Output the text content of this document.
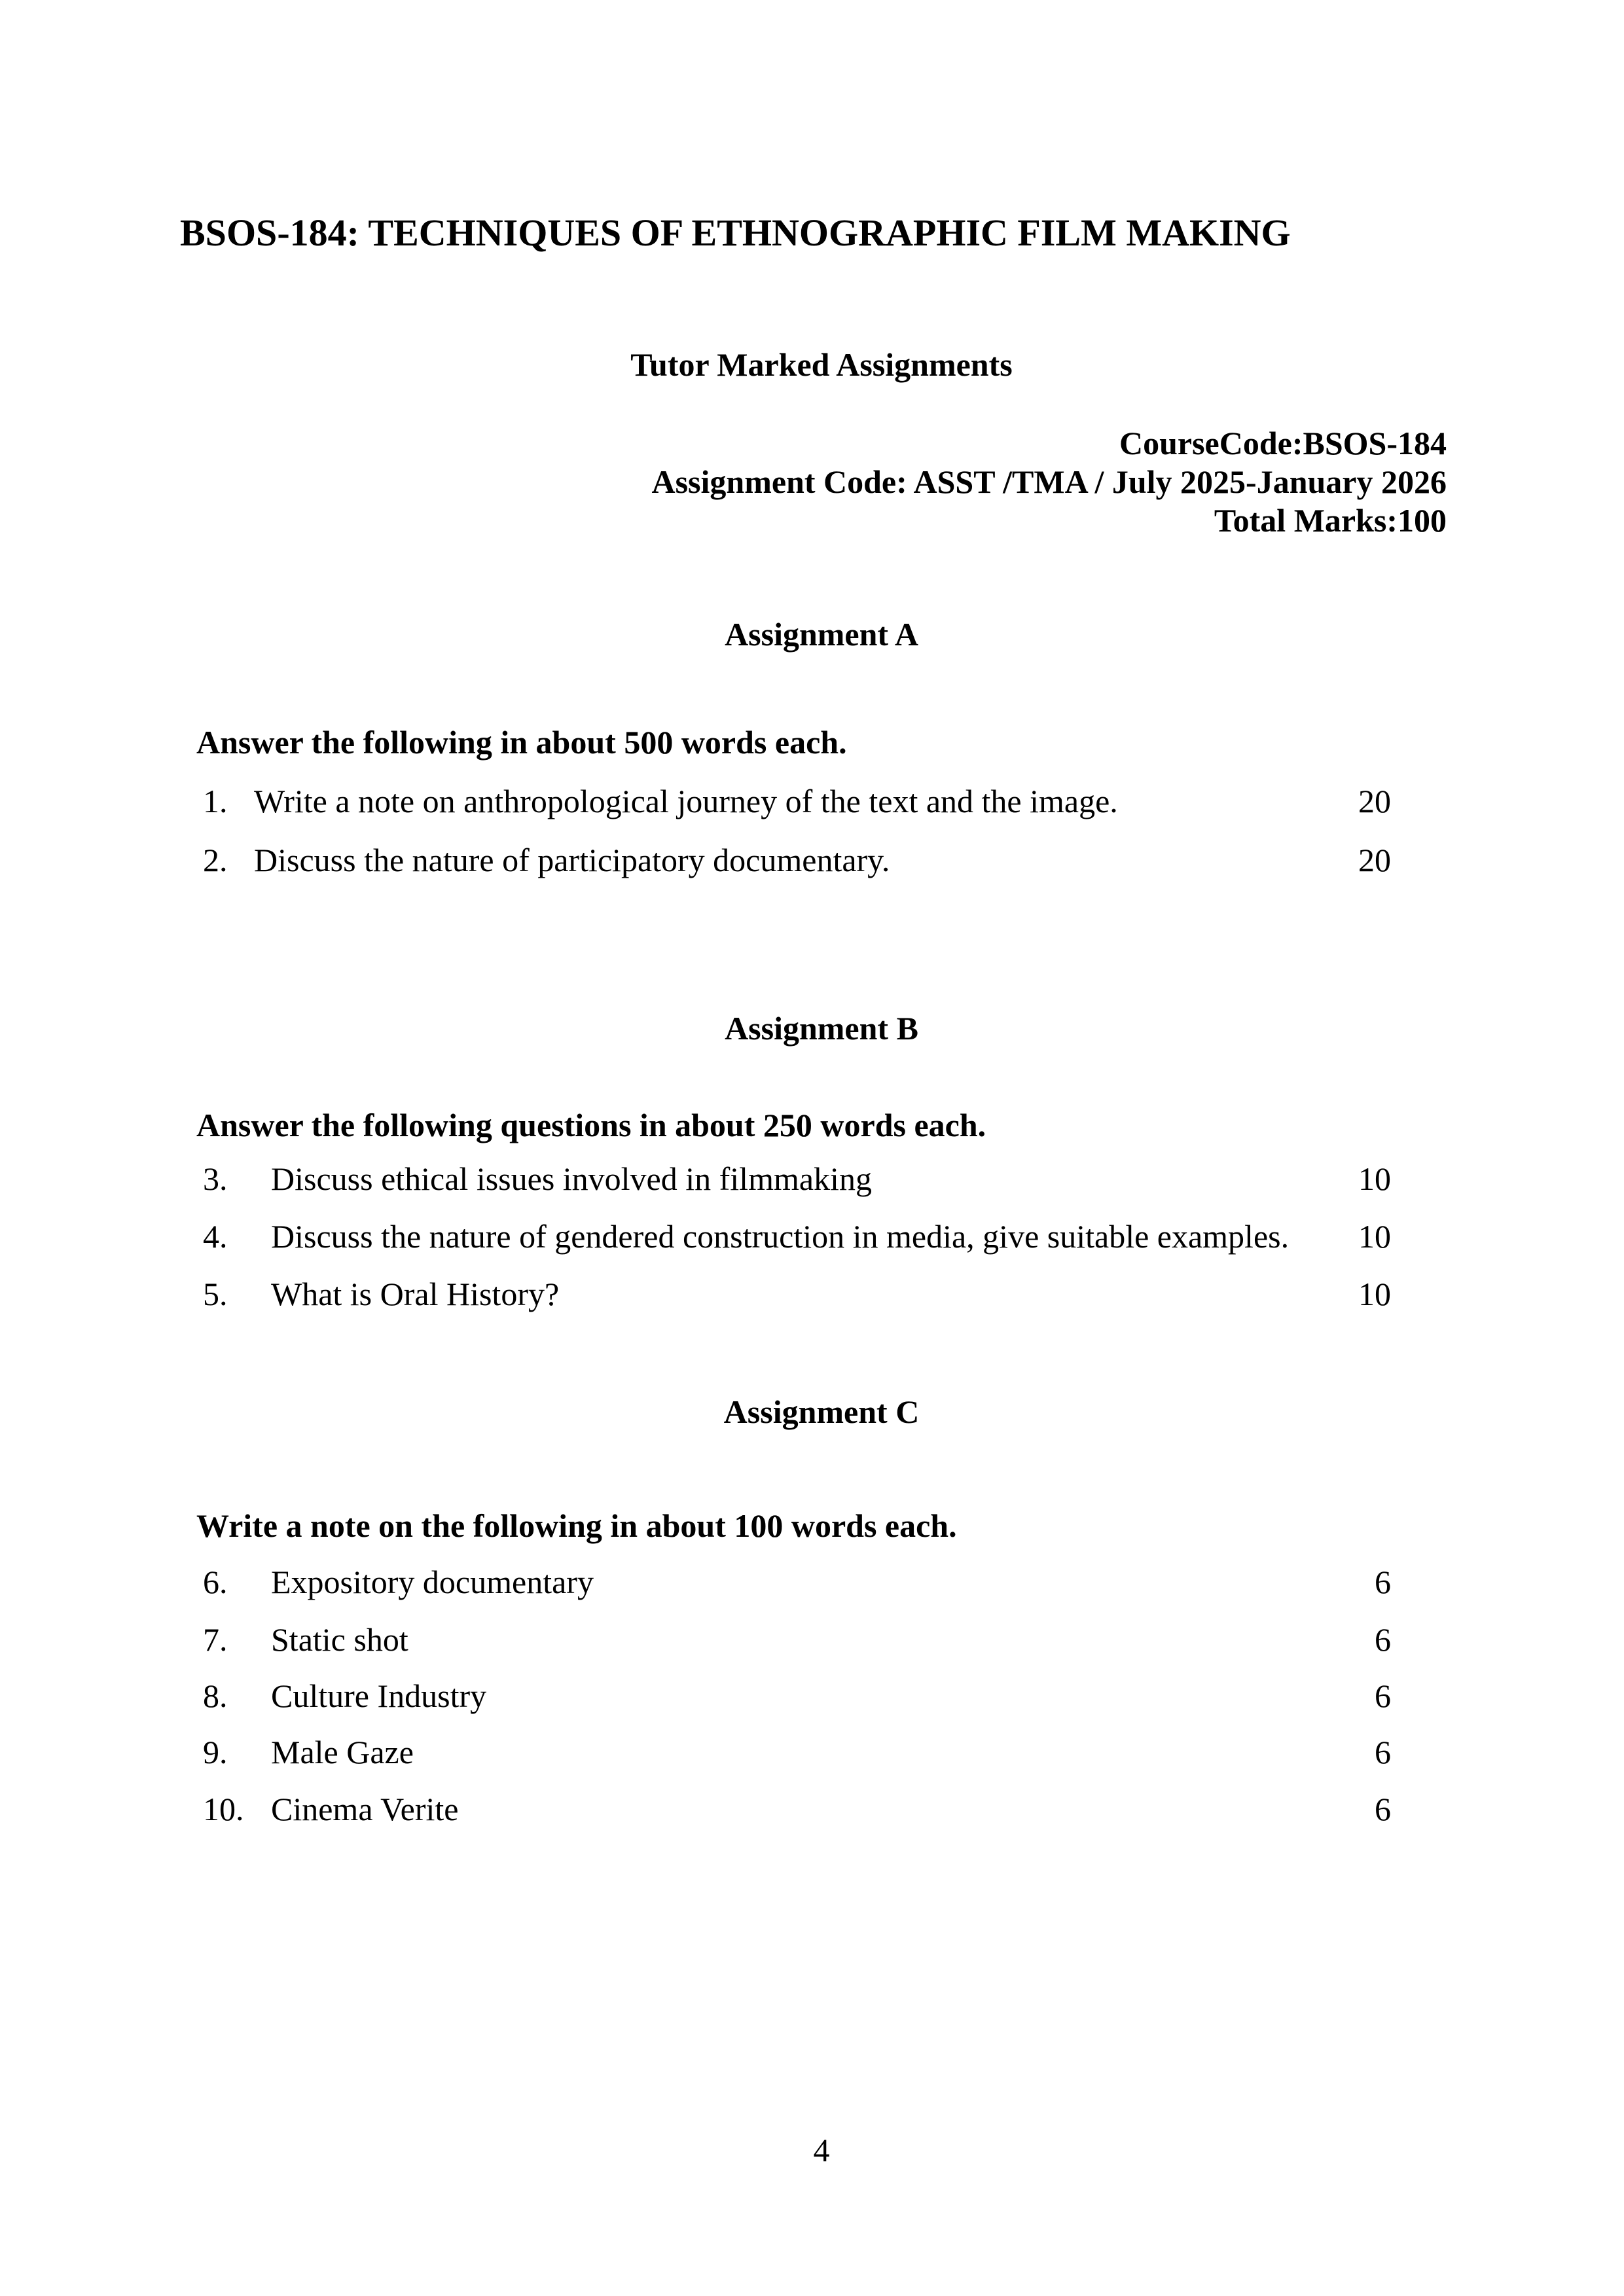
BSOS-184: TECHNIQUES OF ETHNOGRAPHIC FILM MAKING
Tutor Marked Assignments
CourseCode:BSOS-184
Assignment Code: ASST /TMA / July 2025-January 2026
Total Marks:100
Assignment A
Answer the following in about 500 words each.
1. Write a note on anthropological journey of the text and the image.	20
2. Discuss the nature of participatory documentary.	20
Assignment B
Answer the following questions in about 250 words each.
3.	Discuss ethical issues involved in filmmaking	10
4.	Discuss the nature of gendered construction in media, give suitable examples.	10
5.	What is Oral History?	10
Assignment C
Write a note on the following in about 100 words each.
6.	Expository documentary	6
7.	Static shot	6
8.	Culture Industry	6
9.	Male Gaze	6
10. Cinema Verite	6
4
